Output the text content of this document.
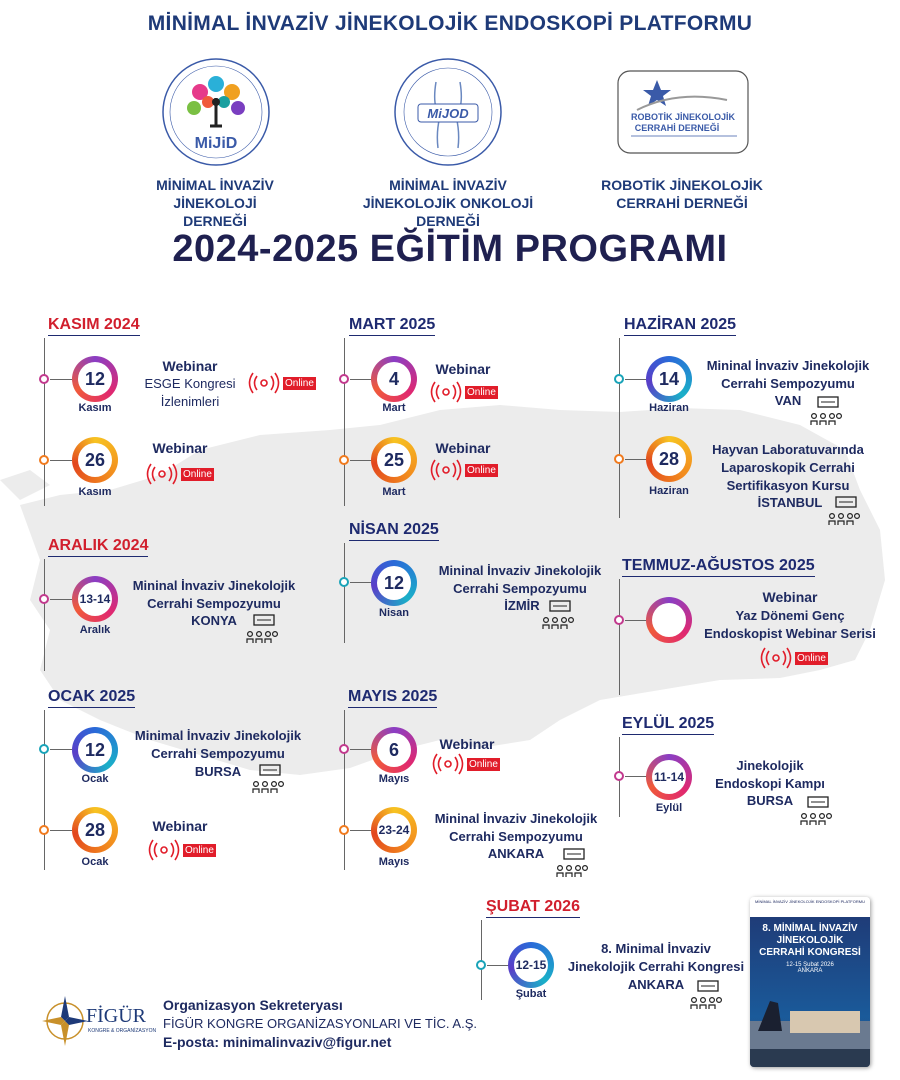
MİNİMAL İNVAZİV JİNEKOLOJİK ENDOSKOPİ PLATFORMU
MiJiD
MiJOD	ROBOTİK JİNEKOLOJİK
CERRAHİ DERNEĞİ
MİNİMAL İNVAZİV
JİNEKOLOJİ DERNEĞİ
MİNİMAL İNVAZİV
JİNEKOLOJİK ONKOLOJİ DERNEĞİ
ROBOTİK JİNEKOLOJİK
CERRAHİ DERNEĞİ
2024-2025 EĞİTİM PROGRAMI
KASIM 2024
12
Kasım
Webinar
ESGE Kongresi
İzlenimleri
Online
26
Kasım
Webinar
Online
ARALIK 2024
13-14
Aralık
Mininal İnvaziv Jinekolojik
Cerrahi Sempozyumu
KONYA
OCAK 2025
12
Ocak
Minimal İnvaziv Jinekolojik
Cerrahi Sempozyumu
BURSA
28
Ocak
Webinar
Online
MART 2025
4
Mart
Webinar
Online
25
Mart
Webinar
Online
NİSAN 2025
12
Nisan
Mininal İnvaziv Jinekolojik
Cerrahi Sempozyumu
İZMİR
MAYIS 2025
6
Mayıs
Webinar
Online
23-24
Mayıs
Mininal İnvaziv Jinekolojik
Cerrahi Sempozyumu
ANKARA
HAZİRAN 2025
14
Haziran
Mininal İnvaziv Jinekolojik
Cerrahi Sempozyumu
VAN
28
Haziran
Hayvan Laboratuvarında
Laparoskopik Cerrahi
Sertifikasyon Kursu
İSTANBUL
TEMMUZ-AĞUSTOS 2025
Webinar
Yaz Dönemi Genç
Endoskopist Webinar Serisi
Online
EYLÜL 2025
11-14
Eylül
Jinekolojik
Endoskopi Kampı
BURSA
ŞUBAT 2026
12-15
Şubat
8. Minimal İnvaziv
Jinekolojik Cerrahi Kongresi
ANKARA
MİNİMAL İNVAZİV JİNEKOLOJİK ENDOSKOPİ PLATFORMU
8. MİNİMAL İNVAZİV JİNEKOLOJİK CERRAHİ KONGRESİ
12-15 Şubat 2026
ANKARA
FİGÜR
KONGRE & ORGANİZASYON
Organizasyon Sekreteryası
FİGÜR KONGRE ORGANİZASYONLARI VE TİC. A.Ş.
E-posta: minimalinvaziv@figur.net
